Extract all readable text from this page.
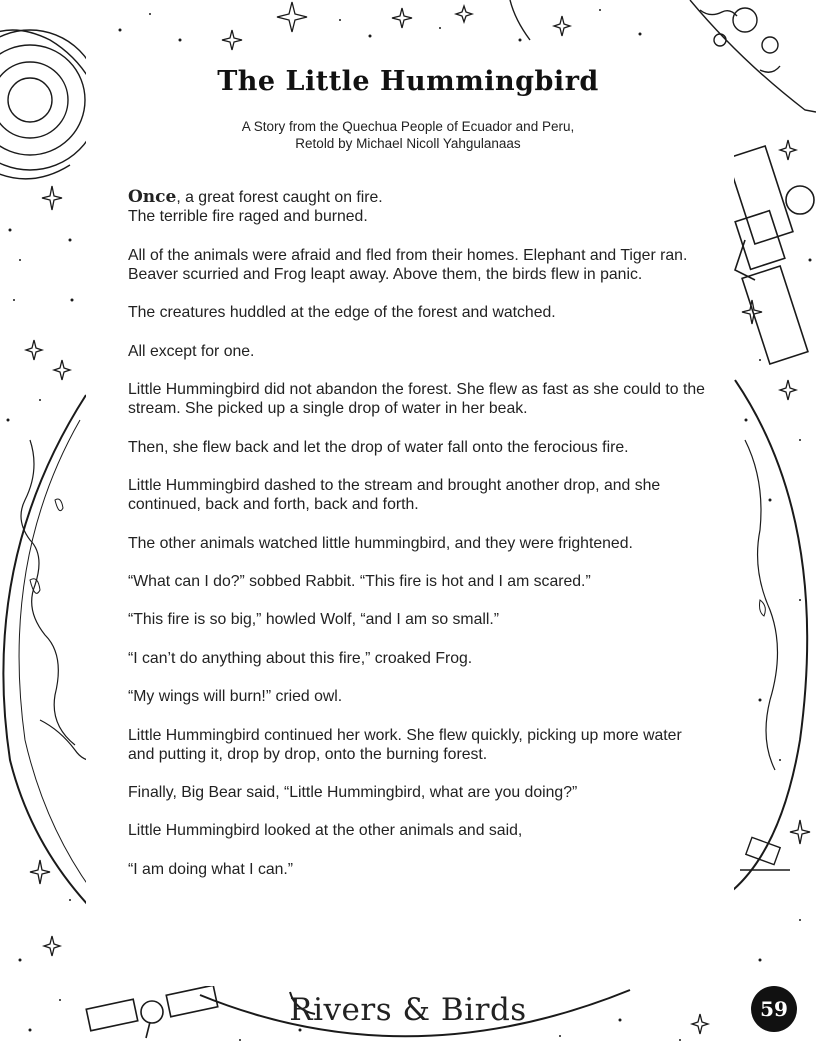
The Little Hummingbird
A Story from the Quechua People of Ecuador and Peru,
Retold by Michael Nicoll Yahgulanaas

Once, a great forest caught on fire.
The terrible fire raged and burned.

All of the animals were afraid and fled from their homes. Elephant and Tiger ran. Beaver scurried and Frog leapt away. Above them, the birds flew in panic.

The creatures huddled at the edge of the forest and watched.

All except for one.

Little Hummingbird did not abandon the forest. She flew as fast as she could to the stream. She picked up a single drop of water in her beak.

Then, she flew back and let the drop of water fall onto the ferocious fire.

Little Hummingbird dashed to the stream and brought another drop, and she continued, back and forth, back and forth.

The other animals watched little hummingbird, and they were frightened.

“What can I do?” sobbed Rabbit. “This fire is hot and I am scared.”

“This fire is so big,” howled Wolf, “and I am so small.”

“I can’t do anything about this fire,” croaked Frog.

“My wings will burn!” cried owl.

Little Hummingbird continued her work. She flew quickly, picking up more water and putting it, drop by drop, onto the burning forest.

Finally, Big Bear said, “Little Hummingbird, what are you doing?”

Little Hummingbird looked at the other animals and said,

“I am doing what I can.”

Rivers & Birds	59
